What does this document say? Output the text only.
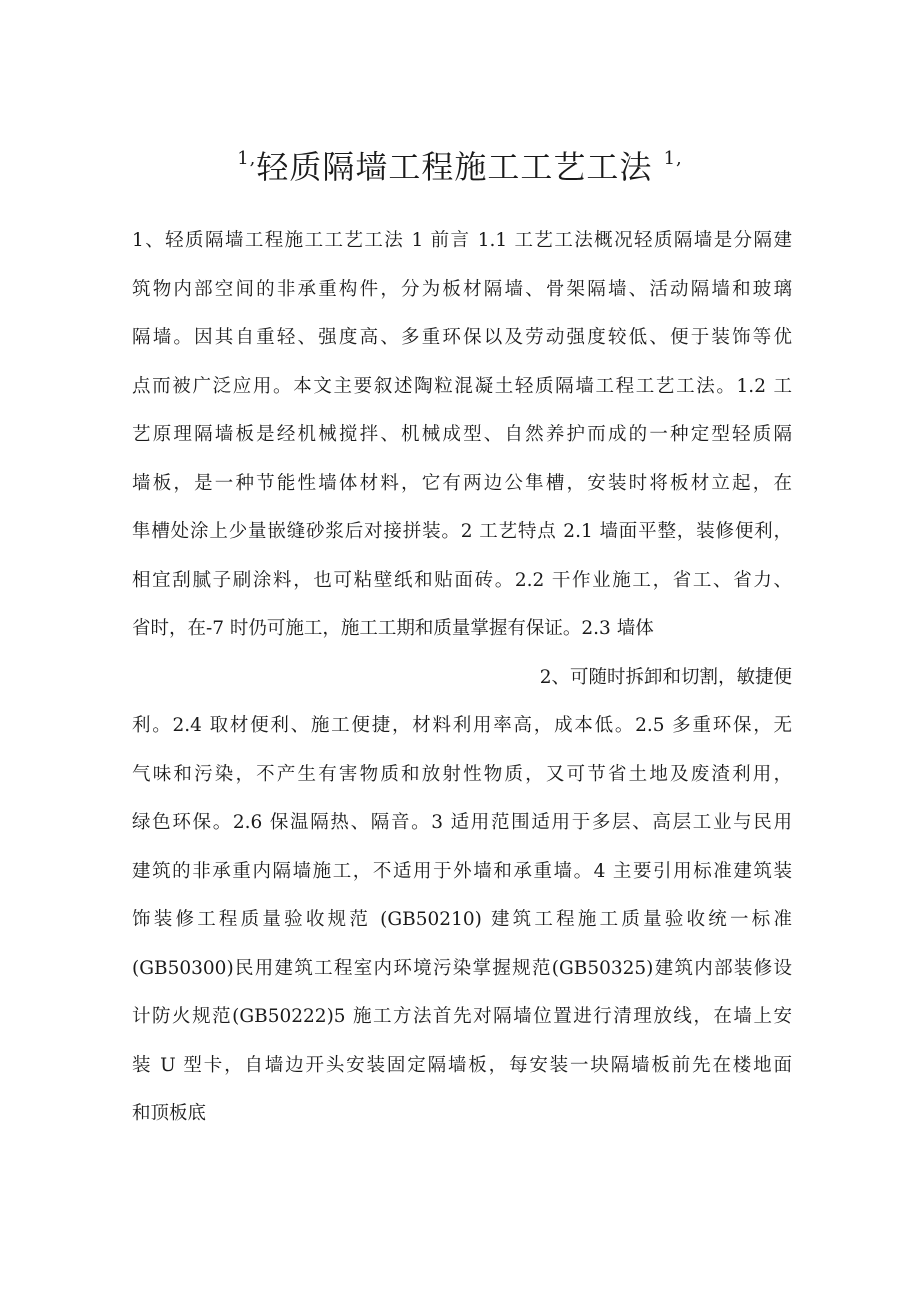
$^{1,}$轻质隔墙工程施工工艺工法 $^{1,}$
1、轻质隔墙工程施工工艺工法 1 前言 1.1 工艺工法概况轻质隔墙是分隔建
筑物内部空间的非承重构件，分为板材隔墙、骨架隔墙、活动隔墙和玻璃
隔墙。因其自重轻、强度高、多重环保以及劳动强度较低、便于装饰等优
点而被广泛应用。本文主要叙述陶粒混凝土轻质隔墙工程工艺工法。1.2 工
艺原理隔墙板是经机械搅拌、机械成型、自然养护而成的一种定型轻质隔
墙板，是一种节能性墙体材料，它有两边公隼槽，安装时将板材立起，在
隼槽处涂上少量嵌缝砂浆后对接拼装。2 工艺特点 2.1 墙面平整，装修便利，
相宜刮腻子刷涂料，也可粘壁纸和贴面砖。2.2 干作业施工，省工、省力、
省时，在-7 时仍可施工，施工工期和质量掌握有保证。2.3 墙体
2、可随时拆卸和切割，敏捷便
利。2.4 取材便利、施工便捷，材料利用率高，成本低。2.5 多重环保，无
气味和污染，不产生有害物质和放射性物质，又可节省土地及废渣利用，
绿色环保。2.6 保温隔热、隔音。3 适用范围适用于多层、高层工业与民用
建筑的非承重内隔墙施工，不适用于外墙和承重墙。4 主要引用标准建筑装
饰装修工程质量验收规范 (GB50210) 建筑工程施工质量验收统一标准
(GB50300)民用建筑工程室内环境污染掌握规范(GB50325)建筑内部装修设
计防火规范(GB50222)5 施工方法首先对隔墙位置进行清理放线，在墙上安
装 U 型卡，自墙边开头安装固定隔墙板，每安装一块隔墙板前先在楼地面
和顶板底
